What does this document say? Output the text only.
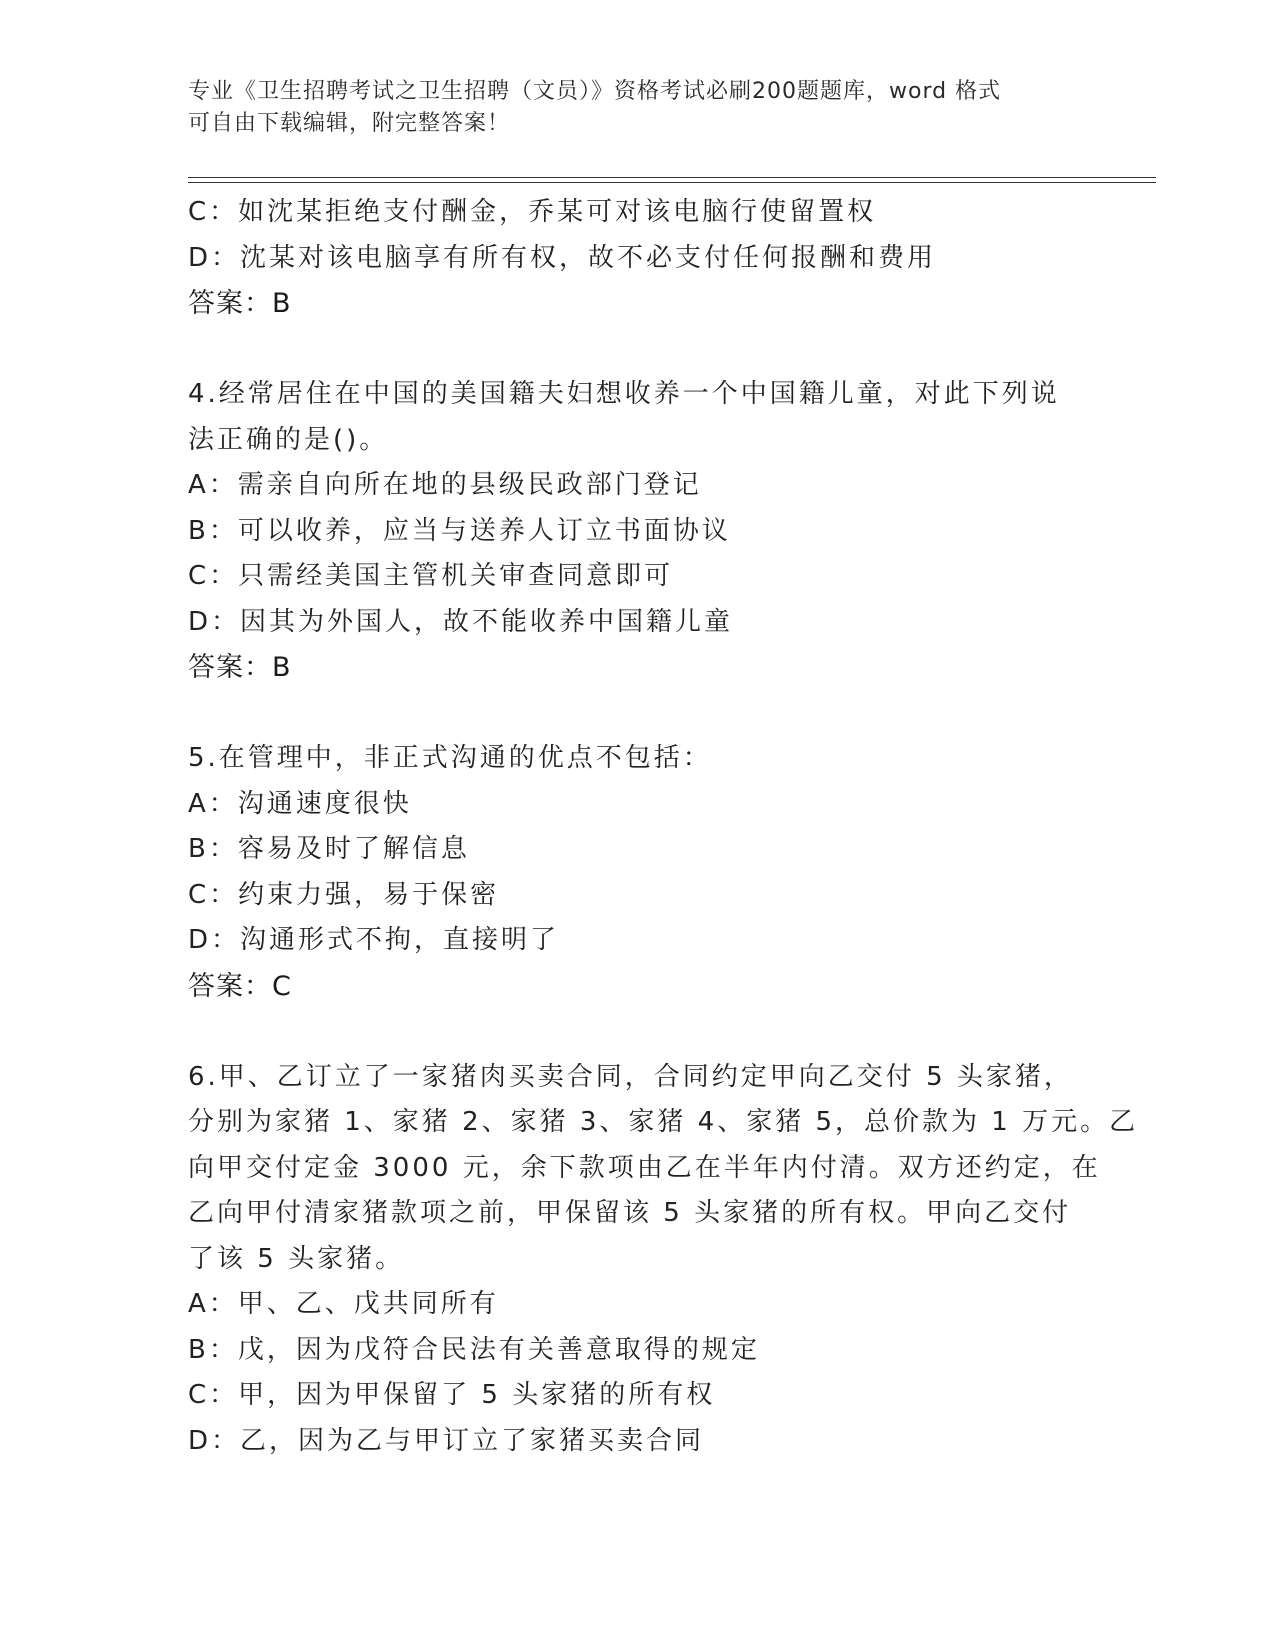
专业《卫生招聘考试之卫生招聘（文员）》资格考试必刷200题题库，word 格式
可自由下载编辑，附完整答案！
C：如沈某拒绝支付酬金，乔某可对该电脑行使留置权
D：沈某对该电脑享有所有权，故不必支付任何报酬和费用
答案：B
4.经常居住在中国的美国籍夫妇想收养一个中国籍儿童，对此下列说
法正确的是()。
A：需亲自向所在地的县级民政部门登记
B：可以收养，应当与送养人订立书面协议
C：只需经美国主管机关审查同意即可
D：因其为外国人，故不能收养中国籍儿童
答案：B
5.在管理中，非正式沟通的优点不包括：
A：沟通速度很快
B：容易及时了解信息
C：约束力强，易于保密
D：沟通形式不拘，直接明了
答案：C
6.甲、乙订立了一家猪肉买卖合同，合同约定甲向乙交付 5 头家猪，
分别为家猪 1、家猪 2、家猪 3、家猪 4、家猪 5，总价款为 1 万元。乙
向甲交付定金 3000 元，余下款项由乙在半年内付清。双方还约定，在
乙向甲付清家猪款项之前，甲保留该 5 头家猪的所有权。甲向乙交付
了该 5 头家猪。
A：甲、乙、戊共同所有
B：戊，因为戊符合民法有关善意取得的规定
C：甲，因为甲保留了 5 头家猪的所有权
D：乙，因为乙与甲订立了家猪买卖合同
